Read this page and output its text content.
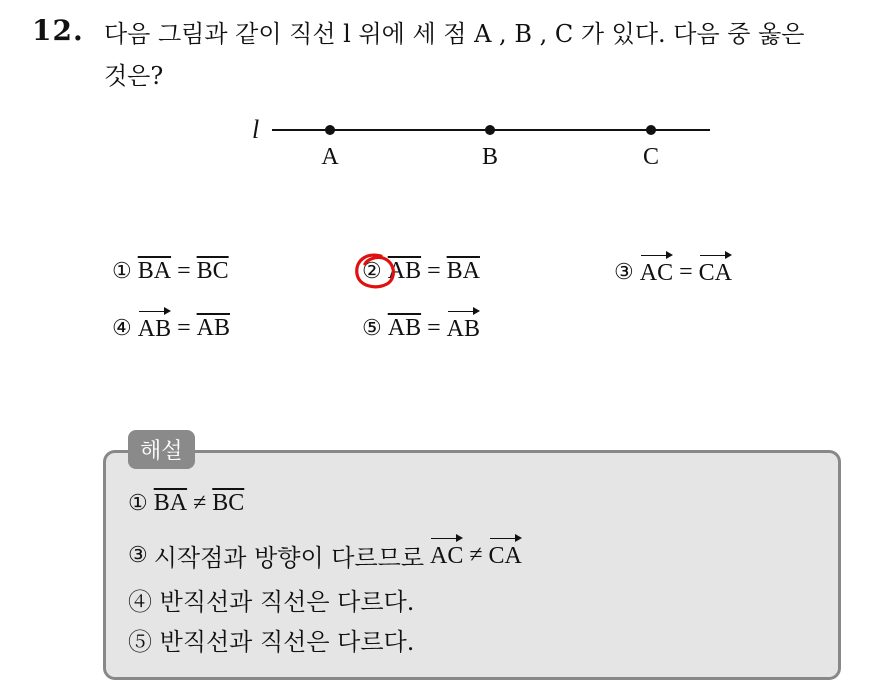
12. 다음 그림과 같이 직선 l 위에 세 점 A , B , C 가 있다. 다음 중 옳은
것은?
l
A	B	C
① $\overline{BA} = \overline{BC}$	② $\overline{AB} = \overline{BA}$	③ AC = CA
④ AB = $\overline{AB}$	⑤ $\overline{AB}$ = AB
해설
① $\overline{BA} \ne \overline{BC}$
③ 시작점과 방향이 다르므로 AC ≠ CA
④ 반직선과 직선은 다르다.
⑤ 반직선과 직선은 다르다.
